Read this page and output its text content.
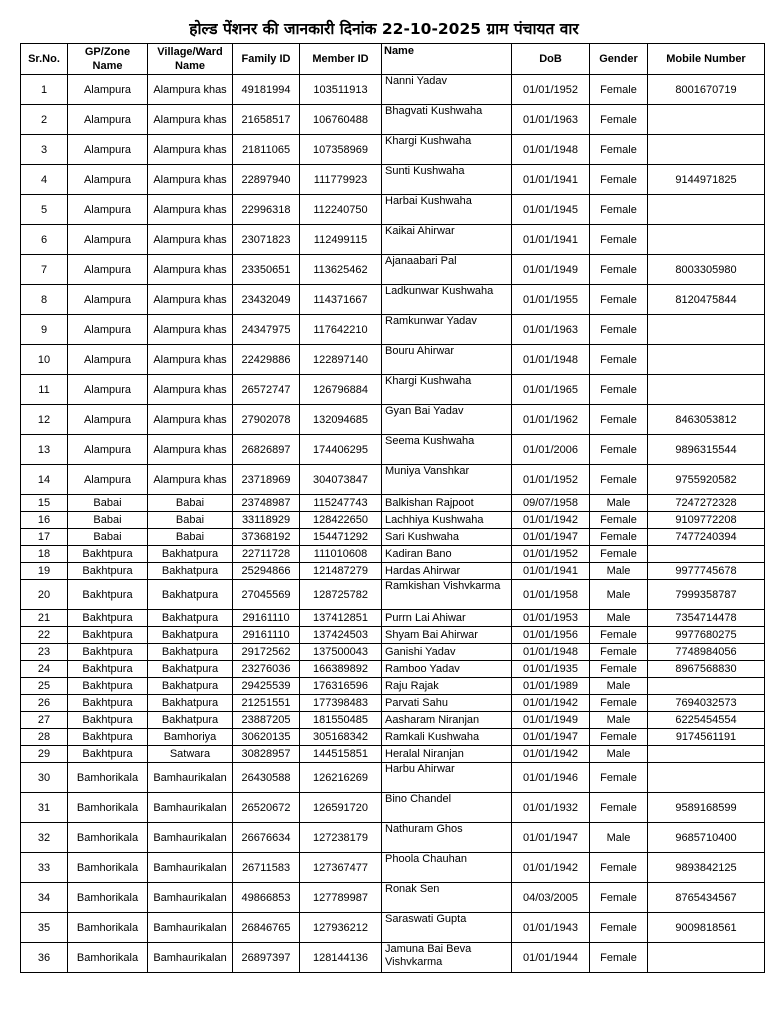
होल्ड पेंशनर की जानकारी दिनांक 22-10-2025 ग्राम पंचायत वार
Sr.No.	GP/Zone Name	Village/Ward Name	Family ID	Member ID	Name	DoB	Gender	Mobile Number
1	Alampura	Alampura khas	49181994	103511913	Nanni Yadav	01/01/1952	Female	8001670719
2	Alampura	Alampura khas	21658517	106760488	Bhagvati Kushwaha	01/01/1963	Female	
3	Alampura	Alampura khas	21811065	107358969	Khargi Kushwaha	01/01/1948	Female	
4	Alampura	Alampura khas	22897940	111779923	Sunti Kushwaha	01/01/1941	Female	9144971825
5	Alampura	Alampura khas	22996318	112240750	Harbai Kushwaha	01/01/1945	Female	
6	Alampura	Alampura khas	23071823	112499115	Kaikai Ahirwar	01/01/1941	Female	
7	Alampura	Alampura khas	23350651	113625462	Ajanaabari Pal	01/01/1949	Female	8003305980
8	Alampura	Alampura khas	23432049	114371667	Ladkunwar Kushwaha	01/01/1955	Female	8120475844
9	Alampura	Alampura khas	24347975	117642210	Ramkunwar Yadav	01/01/1963	Female	
10	Alampura	Alampura khas	22429886	122897140	Bouru Ahirwar	01/01/1948	Female	
11	Alampura	Alampura khas	26572747	126796884	Khargi Kushwaha	01/01/1965	Female	
12	Alampura	Alampura khas	27902078	132094685	Gyan Bai Yadav	01/01/1962	Female	8463053812
13	Alampura	Alampura khas	26826897	174406295	Seema Kushwaha	01/01/2006	Female	9896315544
14	Alampura	Alampura khas	23718969	304073847	Muniya Vanshkar	01/01/1952	Female	9755920582
15	Babai	Babai	23748987	115247743	Balkishan Rajpoot	09/07/1958	Male	7247272328
16	Babai	Babai	33118929	128422650	Lachhiya Kushwaha	01/01/1942	Female	9109772208
17	Babai	Babai	37368192	154471292	Sari Kushwaha	01/01/1947	Female	7477240394
18	Bakhtpura	Bakhatpura	22711728	111010608	Kadiran Bano	01/01/1952	Female	
19	Bakhtpura	Bakhatpura	25294866	121487279	Hardas Ahirwar	01/01/1941	Male	9977745678
20	Bakhtpura	Bakhatpura	27045569	128725782	Ramkishan Vishvkarma	01/01/1958	Male	7999358787
21	Bakhtpura	Bakhatpura	29161110	137412851	Purrn Lai Ahiwar	01/01/1953	Male	7354714478
22	Bakhtpura	Bakhatpura	29161110	137424503	Shyam Bai Ahirwar	01/01/1956	Female	9977680275
23	Bakhtpura	Bakhatpura	29172562	137500043	Ganishi Yadav	01/01/1948	Female	7748984056
24	Bakhtpura	Bakhatpura	23276036	166389892	Ramboo Yadav	01/01/1935	Female	8967568830
25	Bakhtpura	Bakhatpura	29425539	176316596	Raju Rajak	01/01/1989	Male	
26	Bakhtpura	Bakhatpura	21251551	177398483	Parvati Sahu	01/01/1942	Female	7694032573
27	Bakhtpura	Bakhatpura	23887205	181550485	Aasharam Niranjan	01/01/1949	Male	6225454554
28	Bakhtpura	Bamhoriya	30620135	305168342	Ramkali Kushwaha	01/01/1947	Female	9174561191
29	Bakhtpura	Satwara	30828957	144515851	Heralal Niranjan	01/01/1942	Male	
30	Bamhorikala	Bamhaurikalan	26430588	126216269	Harbu Ahirwar	01/01/1946	Female	
31	Bamhorikala	Bamhaurikalan	26520672	126591720	Bino Chandel	01/01/1932	Female	9589168599
32	Bamhorikala	Bamhaurikalan	26676634	127238179	Nathuram Ghos	01/01/1947	Male	9685710400
33	Bamhorikala	Bamhaurikalan	26711583	127367477	Phoola Chauhan	01/01/1942	Female	9893842125
34	Bamhorikala	Bamhaurikalan	49866853	127789987	Ronak Sen	04/03/2005	Female	8765434567
35	Bamhorikala	Bamhaurikalan	26846765	127936212	Saraswati Gupta	01/01/1943	Female	9009818561
36	Bamhorikala	Bamhaurikalan	26897397	128144136	Jamuna Bai Beva Vishvkarma	01/01/1944	Female	
